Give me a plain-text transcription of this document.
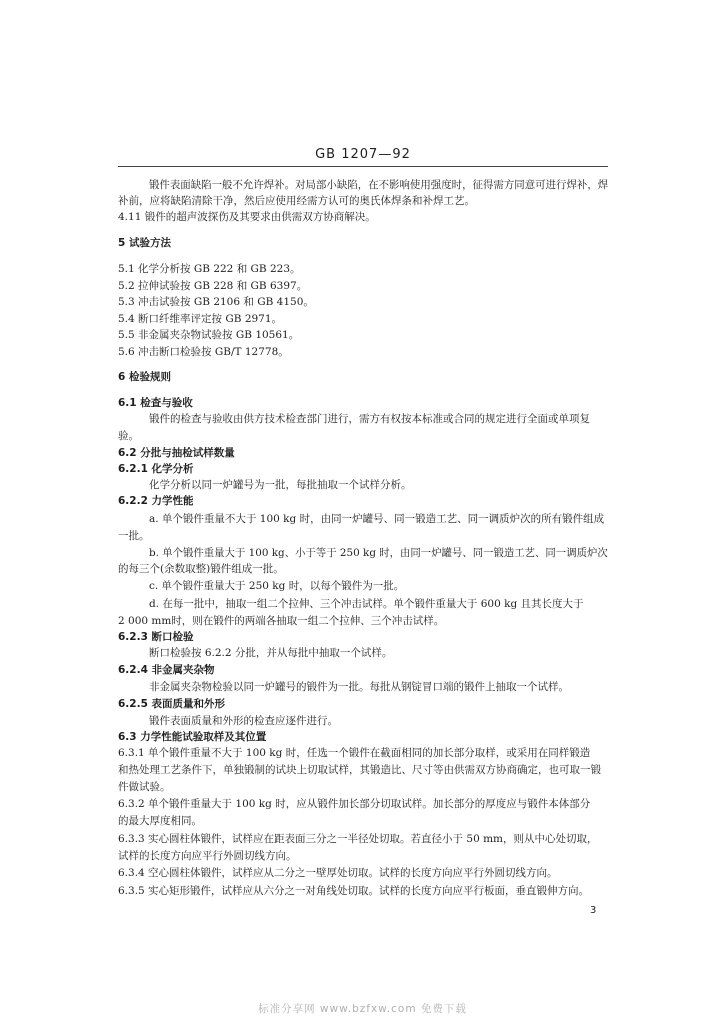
GB 1207—92
锻件表面缺陷一般不允许焊补。对局部小缺陷，在不影响使用强度时，征得需方同意可进行焊补，焊
补前，应将缺陷清除干净，然后应使用经需方认可的奥氏体焊条和补焊工艺。
4.11 锻件的超声波探伤及其要求由供需双方协商解决。
5 试验方法
5.1 化学分析按 GB 222 和 GB 223。
5.2 拉伸试验按 GB 228 和 GB 6397。
5.3 冲击试验按 GB 2106 和 GB 4150。
5.4 断口纤维率评定按 GB 2971。
5.5 非金属夹杂物试验按 GB 10561。
5.6 冲击断口检验按 GB/T 12778。
6 检验规则
6.1 检查与验收
锻件的检查与验收由供方技术检查部门进行，需方有权按本标准或合同的规定进行全面或单项复
验。
6.2 分批与抽检试样数量
6.2.1 化学分析
化学分析以同一炉罐号为一批，每批抽取一个试样分析。
6.2.2 力学性能
a. 单个锻件重量不大于 100 kg 时，由同一炉罐号、同一锻造工艺、同一调质炉次的所有锻件组成
一批。
b. 单个锻件重量大于 100 kg、小于等于 250 kg 时，由同一炉罐号、同一锻造工艺、同一调质炉次
的每三个(余数取整)锻件组成一批。
c. 单个锻件重量大于 250 kg 时，以每个锻件为一批。
d. 在每一批中，抽取一组二个拉伸、三个冲击试样。单个锻件重量大于 600 kg 且其长度大于
2 000 mm时，则在锻件的两端各抽取一组二个拉伸、三个冲击试样。
6.2.3 断口检验
断口检验按 6.2.2 分批，并从每批中抽取一个试样。
6.2.4 非金属夹杂物
非金属夹杂物检验以同一炉罐号的锻件为一批。每批从钢锭冒口端的锻件上抽取一个试样。
6.2.5 表面质量和外形
锻件表面质量和外形的检查应逐件进行。
6.3 力学性能试验取样及其位置
6.3.1 单个锻件重量不大于 100 kg 时，任选一个锻件在截面相同的加长部分取样，或采用在同样锻造
和热处理工艺条件下，单独锻制的试块上切取试样，其锻造比、尺寸等由供需双方协商确定，也可取一锻
件做试验。
6.3.2 单个锻件重量大于 100 kg 时，应从锻件加长部分切取试样。加长部分的厚度应与锻件本体部分
的最大厚度相同。
6.3.3 实心圆柱体锻件，试样应在距表面三分之一半径处切取。若直径小于 50 mm，则从中心处切取，
试样的长度方向应平行外圆切线方向。
6.3.4 空心圆柱体锻件，试样应从二分之一壁厚处切取。试样的长度方向应平行外圆切线方向。
6.3.5 实心矩形锻件，试样应从六分之一对角线处切取。试样的长度方向应平行板面，垂直锻伸方向。
3
标准分享网 www.bzfxw.com 免费下载
